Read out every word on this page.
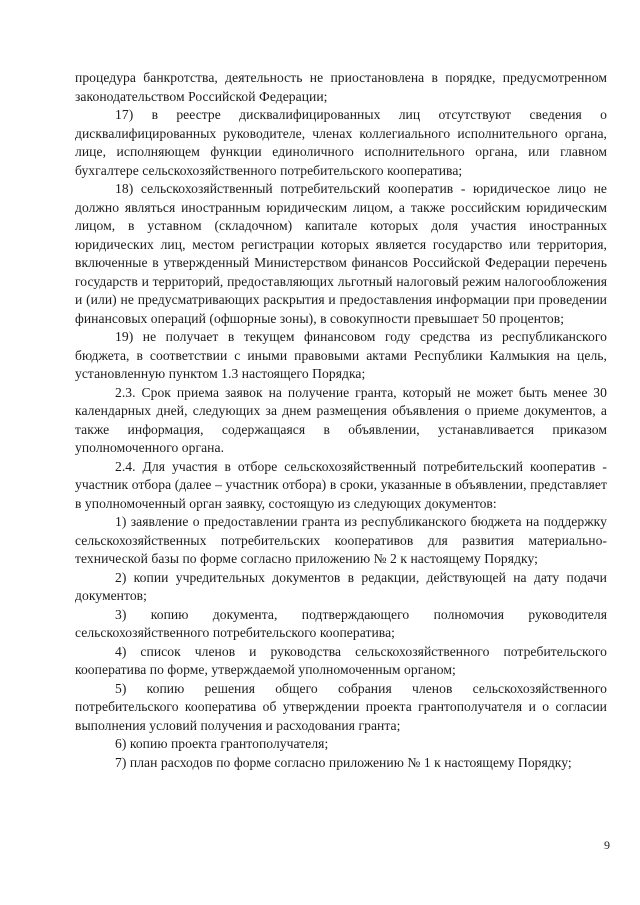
процедура банкротства, деятельность не приостановлена в порядке, предусмотренном законодательством Российской Федерации;

17) в реестре дисквалифицированных лиц отсутствуют сведения о дисквалифицированных руководителе, членах коллегиального исполнительного органа, лице, исполняющем функции единоличного исполнительного органа, или главном бухгалтере сельскохозяйственного потребительского кооператива;

18) сельскохозяйственный потребительский кооператив - юридическое лицо не должно являться иностранным юридическим лицом, а также российским юридическим лицом, в уставном (складочном) капитале которых доля участия иностранных юридических лиц, местом регистрации которых является государство или территория, включенные в утвержденный Министерством финансов Российской Федерации перечень государств и территорий, предоставляющих льготный налоговый режим налогообложения и (или) не предусматривающих раскрытия и предоставления информации при проведении финансовых операций (офшорные зоны), в совокупности превышает 50 процентов;

19) не получает в текущем финансовом году средства из республиканского бюджета, в соответствии с иными правовыми актами Республики Калмыкия на цель, установленную пунктом 1.3 настоящего Порядка;

2.3. Срок приема заявок на получение гранта, который не может быть менее 30 календарных дней, следующих за днем размещения объявления о приеме документов, а также информация, содержащаяся в объявлении, устанавливается приказом уполномоченного органа.

2.4. Для участия в отборе сельскохозяйственный потребительский кооператив - участник отбора (далее – участник отбора) в сроки, указанные в объявлении, представляет в уполномоченный орган заявку, состоящую из следующих документов:

1) заявление о предоставлении гранта из республиканского бюджета на поддержку сельскохозяйственных потребительских кооперативов для развития материально-технической базы по форме согласно приложению № 2 к настоящему Порядку;

2) копии учредительных документов в редакции, действующей на дату подачи документов;

3) копию документа, подтверждающего полномочия руководителя сельскохозяйственного потребительского кооператива;

4) список членов и руководства сельскохозяйственного потребительского кооператива по форме, утверждаемой уполномоченным органом;

5) копию решения общего собрания членов сельскохозяйственного потребительского кооператива об утверждении проекта грантополучателя и о согласии выполнения условий получения и расходования гранта;

6) копию проекта грантополучателя;

7) план расходов по форме согласно приложению № 1 к настоящему Порядку;

9
